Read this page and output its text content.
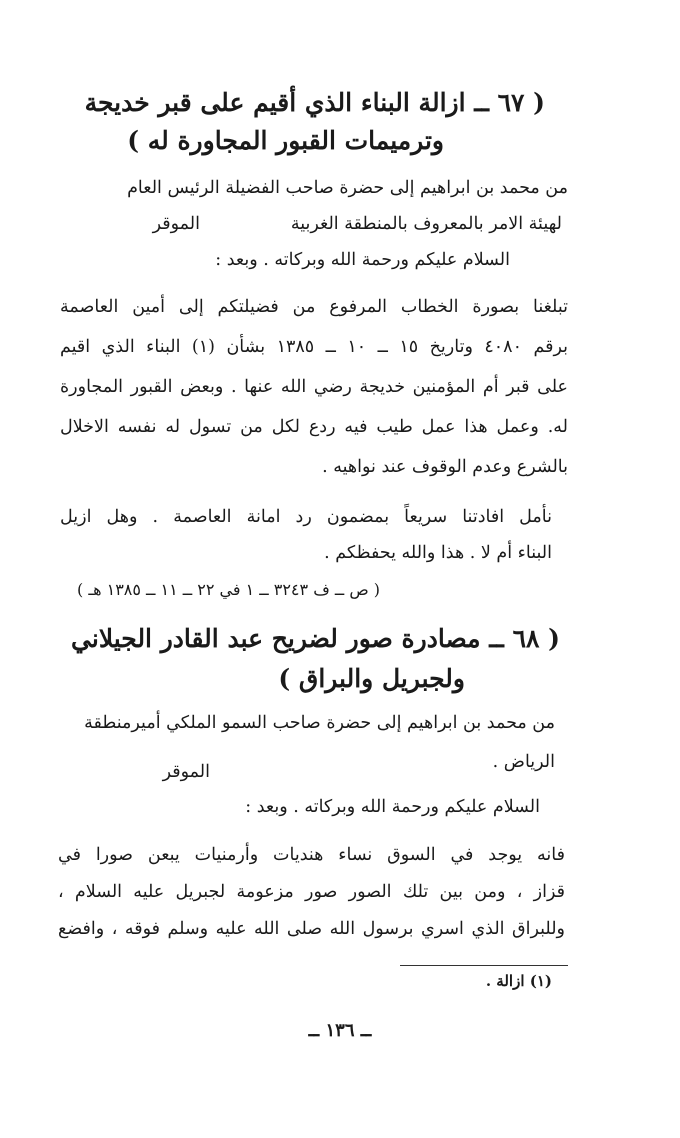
( ٦٧ ــ ازالة البناء الذي أقيم على قبر خديجة
وترميمات القبور المجاورة له )
من محمد بن ابراهيم إلى حضرة صاحب الفضيلة الرئيس العام
لهيئة الامر بالمعروف بالمنطقة الغربية
الموقر
السلام عليكم ورحمة الله وبركاته . وبعد :
تبلغنا بصورة الخطاب المرفوع من فضيلتكم إلى أمين العاصمة
برقم ٤٠٨٠ وتاريخ ١٥ ــ ١٠ ــ ١٣٨٥ بشأن (١) البناء الذي اقيم
على قبر أم المؤمنين خديجة رضي الله عنها . وبعض القبور المجاورة
له. وعمل هذا عمل طيب فيه ردع لكل من تسول له نفسه الاخلال
بالشرع وعدم الوقوف عند نواهيه .
نأمل افادتنا سريعاً بمضمون رد امانة العاصمة . وهل ازيل
البناء أم لا . هذا والله يحفظكم .
( ص ــ ف ٣٢٤٣ ــ ١ في ٢٢ ــ ١١ ــ ١٣٨٥ هـ )
( ٦٨ ــ مصادرة صور لضريح عبد القادر الجيلاني
ولجبريل والبراق )
من محمد بن ابراهيم إلى حضرة صاحب السمو الملكي أميرمنطقة
الرياض .
الموقر
السلام عليكم ورحمة الله وبركاته . وبعد :
فانه يوجد في السوق نساء هنديات وأرمنيات يبعن صورا في
قزاز ، ومن بين تلك الصور صور مزعومة لجبريل عليه السلام ،
وللبراق الذي اسري برسول الله صلى الله عليه وسلم فوقه ، وافضع
(١) ازالة .
ــ ١٣٦ ــ
